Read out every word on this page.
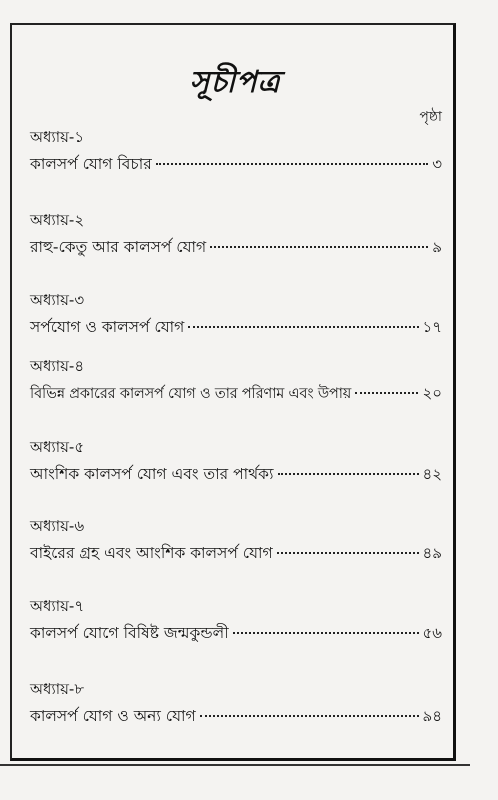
সূচীপত্র
পৃষ্ঠা
অধ্যায়-১
কালসর্প যোগ বিচার	৩
অধ্যায়-২
রাহু-কেতু আর কালসর্প যোগ	৯
অধ্যায়-৩
সর্পযোগ ও কালসর্প যোগ	১৭
অধ্যায়-৪
বিভিন্ন প্রকারের কালসর্প যোগ ও তার পরিণাম এবং উপায়	২০
অধ্যায়-৫
আংশিক কালসর্প যোগ এবং তার পার্থক্য	৪২
অধ্যায়-৬
বাইরের গ্রহ এবং আংশিক কালসর্প যোগ	৪৯
অধ্যায়-৭
কালসর্প যোগে বিষিষ্ট জন্মকুন্ডলী	৫৬
অধ্যায়-৮
কালসর্প যোগ ও অন্য যোগ	৯৪
